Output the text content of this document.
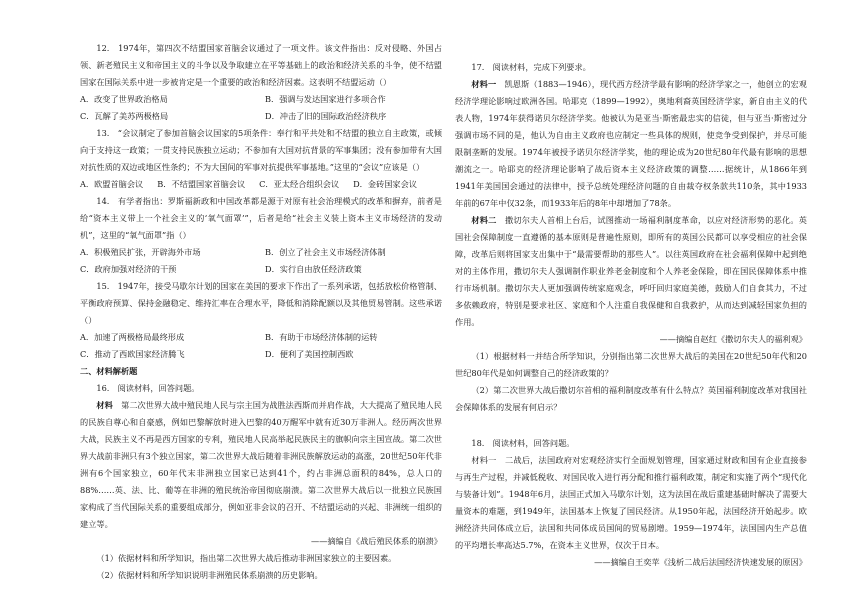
12.　1974年，第四次不结盟国家首脑会议通过了一项文件。该文件指出：反对侵略、外国占领、新老殖民主义和帝国主义的斗争以及争取建立在平等基础上的政治和经济关系的斗争，使不结盟国家在国际关系中进一步被肯定是一个重要的政治和经济因素。这表明不结盟运动（）

A．改变了世界政治格局	B．强调与发达国家进行多项合作
C．瓦解了美苏两极格局	D．冲击了旧的国际政治经济秩序

13.　“会议制定了参加首脑会议国家的5项条件：奉行和平共处和不结盟的独立自主政策，或倾向于支持这一政策；一贯支持民族独立运动；不参加有大国对抗背景的军事集团；没有参加带有大国对抗性质的双边或地区性条约；不为大国间的军事对抗提供军事基地。”这里的“会议”应该是（）

A．欧盟首脑会议 B．不结盟国家首脑会议 C．亚太经合组织会议 D．金砖国家会议

14.　有学者指出：罗斯福新政和中国改革都是源于对原有社会治理模式的改革和摒弃，前者是给“资本主义带上一个社会主义的‘氧气面罩’”，后者是给“社会主义装上资本主义市场经济的发动机”，这里的“氧气面罩”指（）

A．积极殖民扩张，开辟海外市场	B．创立了社会主义市场经济体制
C．政府加强对经济的干预	D．实行自由放任经济政策

15.　1947年，接受马歇尔计划的国家在美国的要求下作出了一系列承诺，包括放松价格管制、平衡政府预算、保持金融稳定、维持汇率在合理水平，降低和消除配额以及其他贸易管制。这些承诺（）

A．加速了两极格局最终形成	B．有助于市场经济体制的运转
C．推动了西欧国家经济腾飞	D．便利了美国控制西欧

二、材料解析题

16.　阅读材料，回答问题。

材料　 第二次世界大战中殖民地人民与宗主国为战胜法西斯而并肩作战，大大提高了殖民地人民的民族自尊心和自豪感，例如巴黎解放时进入巴黎的40万醒军中就有近30万非洲人。经历两次世界大战，民族主义不再是西方国家的专利，殖民地人民高举起民族民主的旗帜向宗主国宣战。第二次世界大战前非洲只有3个独立国家，第二次世界大战后随着非洲民族解放运动的高涨，20世纪50年代非洲有6个国家独立，60年代末非洲独立国家已达到41个，约占非洲总面积的84%，总人口的88%……英、法、比、葡等在非洲的殖民统治帝国彻底崩溃。第二次世界大战后以一批独立民族国家构成了当代国际关系的重要组成部分，例如亚非会议的召开、不结盟运动的兴起、非洲统一组织的建立等。

——摘编自《战后殖民体系的崩溃》

（1）依据材料和所学知识，指出第二次世界大战后推动非洲国家独立的主要因素。

（2）依据材料和所学知识说明非洲殖民体系崩溃的历史影响。

17.　阅读材料，完成下列要求。

材料一　 凯恩斯（1883—1946），现代西方经济学最有影响的经济学家之一，他创立的宏观经济学理论影响过欧洲各国。哈耶克（1899—1992），奥地利裔英国经济学家，新自由主义的代表人物，1974年获得诺贝尔经济学奖。他被认为是亚当·斯密最忠实的信徒，但与亚当·斯密过分强调市场不同的是，他认为自由主义政府也应制定一些具体的规则，使竞争受到保护，并尽可能限制垄断的发展。1974年被授予诺贝尔经济学奖，他的理论成为20世纪80年代最有影响的思想潮流之一。哈耶克的经济理论影响了战后资本主义经济政策的调整……据统计，从1866年到1941年美国国会通过的法律中，授予总统处理经济问题的自由裁夺权条款共110条，其中1933年前的67年中仅32条，而1933年后的8年中却增加了78条。

材料二　 撒切尔夫人首相上台后，试图推动一场福利制度革命，以应对经济形势的恶化。英国社会保障制度一直遵循的基本原则是普遍性原则，即所有的英国公民都可以享受相应的社会保障，改革后则将国家支出集中于“最需要帮助的那些人”。以往英国政府在社会福利保障中起到绝对的主体作用，撒切尔夫人强调制作职业养老金制度和个人养老金保险，即在国民保障体系中推行市场机制。撒切尔夫人更加强调传统家庭观念，呼吁回归家庭美德，鼓励人们自食其力，不过多依赖政府，特别是要求社区、家庭和个人注重自我保健和自我救护，从而达到减轻国家负担的作用。

——摘编自赵红《撒切尔夫人的福利观》

（1）根据材料一并结合所学知识，分别指出第二次世界大战后的美国在20世纪50年代和20世纪80年代是如何调整自己的经济政策的？

（2）第二次世界大战后撒切尔首相的福利制度改革有什么特点？英国福利制度改革对我国社会保障体系的发展有何启示？

18.　阅读材料，回答问题。

材料一　 二战后，法国政府对宏观经济实行全面规划管理，国家通过财政和国有企业直接参与再生产过程，并减低税收、对国民收入进行再分配和推行福利政策，制定和实施了两个“现代化与装备计划”。1948年6月，法国正式加入马歇尔计划，这为法国在战后重建基础时解决了需要大量资本的难题，到1949年，法国基本上恢复了国民经济。从1950年起，法国经济开始起步。欧洲经济共同体成立后，法国和共同体成员国间的贸易剧增。1959—1974年，法国国内生产总值的平均增长率高达5.7%，在资本主义世界，仅次于日本。

——摘编自王奕苹《浅析二战后法国经济快速发展的原因》
